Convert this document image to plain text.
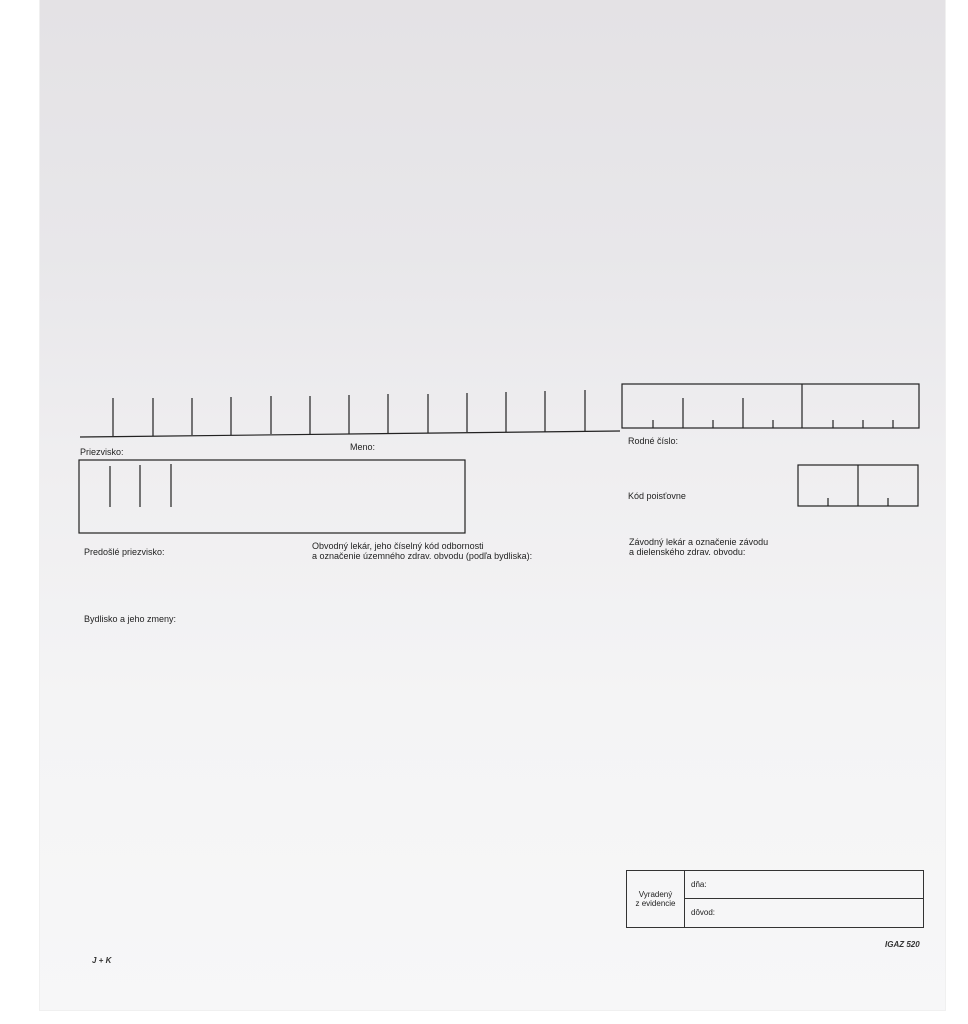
Priezvisko:	Meno:
Rodné číslo:
Kód poisťovne
Predošlé priezvisko:
Obvodný lekár, jeho číselný kód odbornosti
a označenie územného zdrav. obvodu (podľa bydliska):
Závodný lekár a označenie závodu
a dielenského zdrav. obvodu:
Bydlisko a jeho zmeny:
Vyradený
z evidencie
dňa:
dôvod:
IGAZ 520
J + K
